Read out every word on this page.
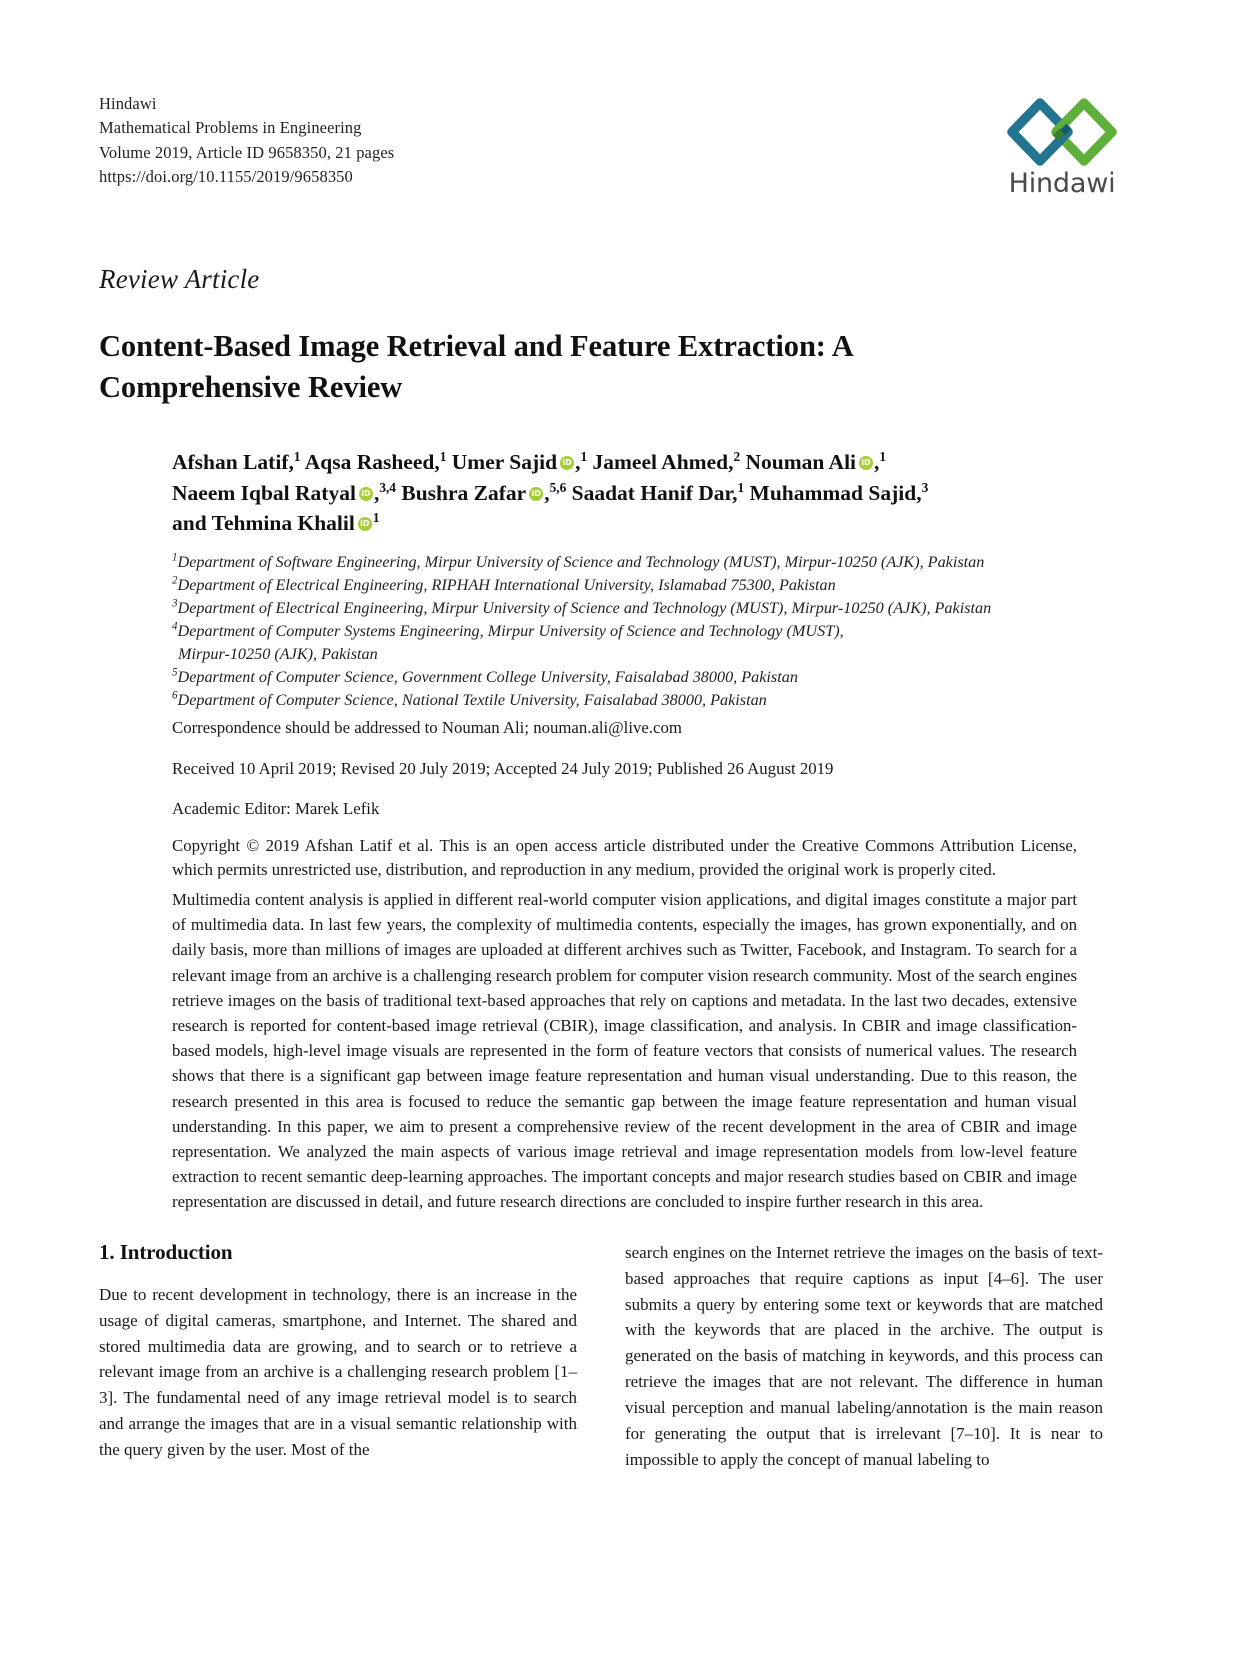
Hindawi
Mathematical Problems in Engineering
Volume 2019, Article ID 9658350, 21 pages
https://doi.org/10.1155/2019/9658350	Hindawi
Review Article
Content-Based Image Retrieval and Feature Extraction: A Comprehensive Review
Afshan Latif,$^1$ Aqsa Rasheed,$^1$ Umer Sajid iD ,$^1$ Jameel Ahmed,$^2$ Nouman AliiD ,$^1$
Naeem Iqbal Ratyal iD ,$^{3,4}$ Bushra Zafar iD ,$^{5,6}$ Saadat Hanif Dar,$^1$ Muhammad Sajid,$^3$
and Tehmina Khalil iD $^1$
$^1$Department of Software Engineering, Mirpur University of Science and Technology (MUST), Mirpur-10250 (AJK), Pakistan
$^2$Department of Electrical Engineering, RIPHAH International University, Islamabad 75300, Pakistan
$^3$Department of Electrical Engineering, Mirpur University of Science and Technology (MUST), Mirpur-10250 (AJK), Pakistan
$^4$Department of Computer Systems Engineering, Mirpur University of Science and Technology (MUST),
Mirpur-10250 (AJK), Pakistan
$^5$Department of Computer Science, Government College University, Faisalabad 38000, Pakistan
$^6$Department of Computer Science, National Textile University, Faisalabad 38000, Pakistan
Correspondence should be addressed to Nouman Ali; nouman.ali@live.com
Received 10 April 2019; Revised 20 July 2019; Accepted 24 July 2019; Published 26 August 2019
Academic Editor: Marek Lefik
Copyright © 2019 Afshan Latif et al. This is an open access article distributed under the Creative Commons Attribution License, which permits unrestricted use, distribution, and reproduction in any medium, provided the original work is properly cited.
Multimedia content analysis is applied in different real-world computer vision applications, and digital images constitute a major part of multimedia data. In last few years, the complexity of multimedia contents, especially the images, has grown exponentially, and on daily basis, more than millions of images are uploaded at different archives such as Twitter, Facebook, and Instagram. To search for a relevant image from an archive is a challenging research problem for computer vision research community. Most of the search engines retrieve images on the basis of traditional text-based approaches that rely on captions and metadata. In the last two decades, extensive research is reported for content-based image retrieval (CBIR), image classification, and analysis. In CBIR and image classification-based models, high-level image visuals are represented in the form of feature vectors that consists of numerical values. The research shows that there is a significant gap between image feature representation and human visual understanding. Due to this reason, the research presented in this area is focused to reduce the semantic gap between the image feature representation and human visual understanding. In this paper, we aim to present a comprehensive review of the recent development in the area of CBIR and image representation. We analyzed the main aspects of various image retrieval and image representation models from low-level feature extraction to recent semantic deep-learning approaches. The important concepts and major research studies based on CBIR and image representation are discussed in detail, and future research directions are concluded to inspire further research in this area.
1. Introduction

Due to recent development in technology, there is an increase in the usage of digital cameras, smartphone, and Internet. The shared and stored multimedia data are growing, and to search or to retrieve a relevant image from an archive is a challenging research problem [1–3]. The fundamental need of any image retrieval model is to search and arrange the images that are in a visual semantic relationship with the query given by the user. Most of the

search engines on the Internet retrieve the images on the basis of text-based approaches that require captions as input [4–6]. The user submits a query by entering some text or keywords that are matched with the keywords that are placed in the archive. The output is generated on the basis of matching in keywords, and this process can retrieve the images that are not relevant. The difference in human visual perception and manual labeling/annotation is the main reason for generating the output that is irrelevant [7–10]. It is near to impossible to apply the concept of manual labeling to
